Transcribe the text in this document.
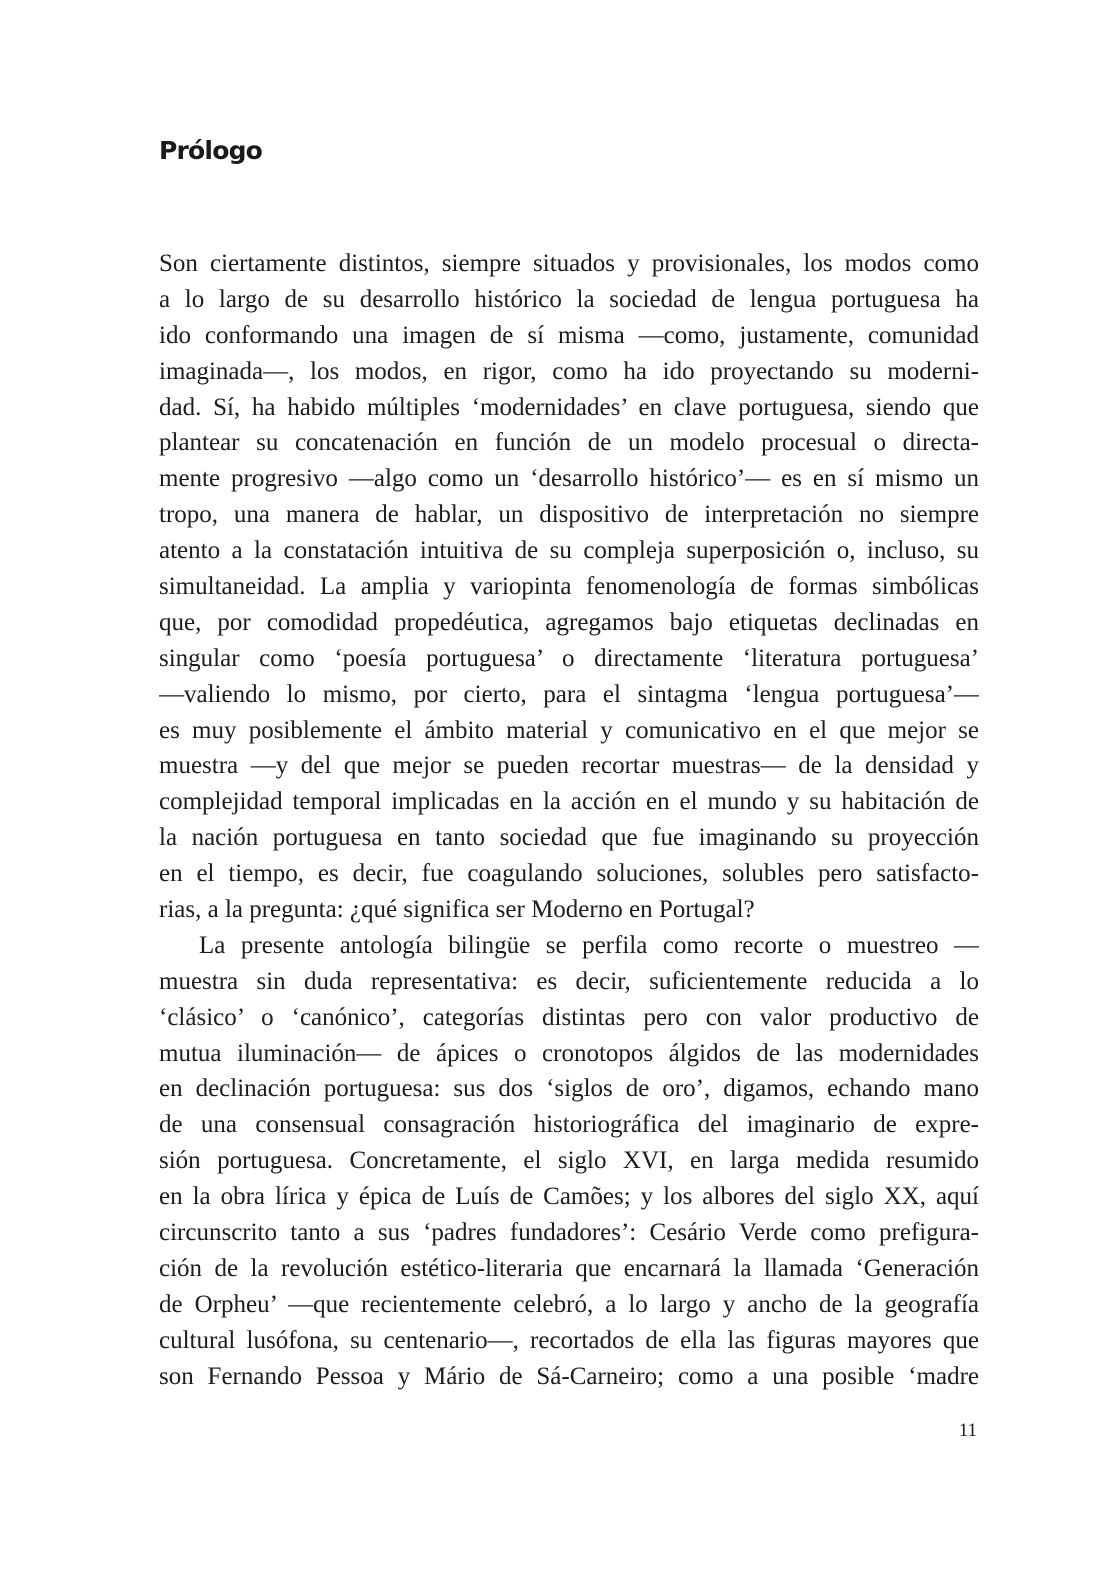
Prólogo
Son ciertamente distintos, siempre situados y provisionales, los modos como
a lo largo de su desarrollo histórico la sociedad de lengua portuguesa ha
ido conformando una imagen de sí misma —como, justamente, comunidad
imaginada—, los modos, en rigor, como ha ido proyectando su moderni-
dad. Sí, ha habido múltiples ‘modernidades’ en clave portuguesa, siendo que
plantear su concatenación en función de un modelo procesual o directa-
mente progresivo —algo como un ‘desarrollo histórico’— es en sí mismo un
tropo, una manera de hablar, un dispositivo de interpretación no siempre
atento a la constatación intuitiva de su compleja superposición o, incluso, su
simultaneidad. La amplia y variopinta fenomenología de formas simbólicas
que, por comodidad propedéutica, agregamos bajo etiquetas declinadas en
singular como ‘poesía portuguesa’ o directamente ‘literatura portuguesa’
—valiendo lo mismo, por cierto, para el sintagma ‘lengua portuguesa’—
es muy posiblemente el ámbito material y comunicativo en el que mejor se
muestra —y del que mejor se pueden recortar muestras— de la densidad y
complejidad temporal implicadas en la acción en el mundo y su habitación de
la nación portuguesa en tanto sociedad que fue imaginando su proyección
en el tiempo, es decir, fue coagulando soluciones, solubles pero satisfacto-
rias, a la pregunta: ¿qué significa ser Moderno en Portugal?
La presente antología bilingüe se perfila como recorte o muestreo —
muestra sin duda representativa: es decir, suficientemente reducida a lo
‘clásico’ o ‘canónico’, categorías distintas pero con valor productivo de
mutua iluminación— de ápices o cronotopos álgidos de las modernidades
en declinación portuguesa: sus dos ‘siglos de oro’, digamos, echando mano
de una consensual consagración historiográfica del imaginario de expre-
sión portuguesa. Concretamente, el siglo XVI, en larga medida resumido
en la obra lírica y épica de Luís de Camões; y los albores del siglo XX, aquí
circunscrito tanto a sus ‘padres fundadores’: Cesário Verde como prefigura-
ción de la revolución estético-literaria que encarnará la llamada ‘Generación
de Orpheu’ —que recientemente celebró, a lo largo y ancho de la geografía
cultural lusófona, su centenario—, recortados de ella las figuras mayores que
son Fernando Pessoa y Mário de Sá-Carneiro; como a una posible ‘madre
11
